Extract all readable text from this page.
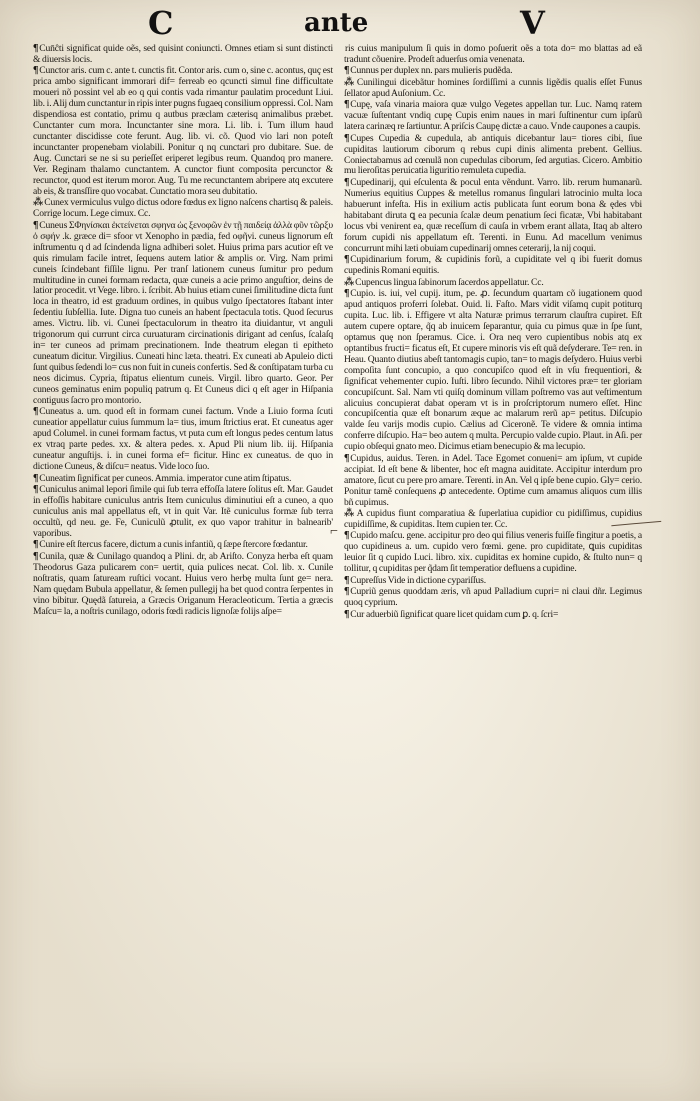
C	ante	V

¶Cun̄ĉti significat quide oẽs, sed quisint coniuncti. Omnes etiam si sunt distincti & diuersis locis.

¶Cunctor aris. cum c. ante t. cunctis fit. Contor aris. cum o, sine c. acontus, quç est prica ambo significant immorari dif= ferreab eo qcuncti simul fine difficultate moueri nõ possint vel ab eo q qui contis vada rimantur paulatim procedunt Liui. lib. i. Alij dum cunctantur in ripis inter pugns fugaeq consilium oppressi. Col. Nam dispendiosa est contatio, primu q autbus præclam cæterisq animalibus præbet. Cunctanter cum mora. Incunctanter sine mora. Li. lib. i. Tum illum haud cunctanter discidisse cote ferunt. Aug. lib. vi. cõ. Quod vio lari non poteſt incunctanter propenebam violabili. Ponitur q nq cunctari pro dubitare. Sue. de Aug. Cunctari se ne si su perieſſet eriperet legibus reum. Quandoq pro manere. Ver. Reginam thalamo cunctantem. A cunctor fiunt composita percunctor & recunctor, quod est iterum moror. Aug. Tu me recunctantem abripere atq excutere ab eis, & transſſire quo vocabat. Cunctatio mora seu dubitatio.

⁂Cunex vermiculus vulgo dictus odore fœdus ex ligno naſcens chartisq & paleis. Corrige locum. Lege cimux. Cc.

¶Cuneus ΣΦηνίσκαι ἐκτείνεται σφηνα ὡς ξενοφῶν ἐν τῇ παιδείᾳ ἀλλὰ φῦν τῶρξυ ὁ σφήν .k. græce di= sfoor vt Xenopho in pædia, fed oφῆνi. cuneus lignorum eſt inſtrumentu q d ad ſcindenda ligna adhiberi solet. Huius prima pars acutior eſt ve quis rimulam facile intret, ſequens autem latior & amplis or. Virg. Nam primi cuneis ſcindebant fiſſile lignu. Per tranſ lationem cuneus ſumitur pro pedum multitudine in cunei formam redacta, quæ cuneis a acie primo anguſtior, deins de latior procedit. vt Vege. libro. i. ſcribit. Ab huius etiam cunei ſimilitudine dicta ſunt loca in theatro, id est graduum ordines, in quibus vulgo ſpectatores ſtabant inter ſedentiu ſubſellia. Iute. Digna tuo cuneis an habent ſpectacula totis. Quod ſecurus ames. Victru. lib. vi. Cunei ſpectaculorum in theatro ita diuidantur, vt anguli trigonorum qui currunt circa curuaturam circinationis dirigant ad cenſus, ſcalaſq in= ter cuneos ad primam precinationem. Inde theatrum elegan ti epitheto cuneatum dicitur. Virgilius. Cuneati hinc læta. theatri. Ex cuneati ab Apuleio dicti ſunt quibus ſedendi lo= cus non fuit in cuneis confertis. Sed & conſtipatam turba cu neos dicimus. Cypria, ſtipatus elientum cuneis. Virgil. libro quarto. Geor. Per cuneos geminatus enim populiq patrum q. Et Cuneus dici q eſt ager in Hiſpania contiguus ſacro pro montorio.

¶Cuneatus a. um. quod eſt in formam cunei factum. Vnde a Liuio forma ſcuti cuneatior appellatur cuius ſummum la= tius, imum ſtrictius erat. Et cuneatus ager apud Columel. in cunei formam factus, vt puta cum eſt longus pedes centum latus ex vtraq parte pedes. xx. & altera pedes. x. Apud Pli nium lib. iij. Hiſpania cuneatur anguſtijs. i. in cunei forma ef= ficitur. Hinc ex cuneatus. de quo in dictione Cuneus, & diſcu= neatus. Vide loco ſuo.

¶Cuneatim ſignificat per cuneos. Ammia. imperator cune atim ſtipatus.

¶Cuniculus animal lepori ſimile qui ſub terra effoſſa latere ſolitus eſt. Mar. Gaudet in effoſſis habitare cuniculus antris Item cuniculus diminutiui eſt a cuneo, a quo cuniculus anis mal appellatus eſt, vt in quit Var. Itẽ cuniculus formæ ſub terra occultũ, qd neu. ge. Fe, Cuniculũ ꝓtulit, ex quo vapor trahitur in balnearib' vaporibus.

¶Cunire eſt ſtercus facere, dictum a cunis infantiũ, q ſæpe ſtercore fœdantur.

¶Cunila, quæ & Cunilago quandoq a Plini. dr, ab Ariſto. Conyza herba eſt quam Theodorus Gaza pulicarem con= uertit, quia pulices necat. Col. lib. x. Cunile noſtratis, quam ſatuream ruſtici vocant. Huius vero herbę multa ſunt ge= nera. Nam quędam Bubula appellatur, & ſemen pullegij ha bet quod contra ſerpentes in vino bibitur. Quędã ſatureia, a Græcis Origanum Heracleoticum. Tertia a græcis Maſcu= la, a noſtris cunilago, odoris fœdi radicis lignoſæ folijs aſpe=

ris cuius manipulum ſi quis in domo poſuerit oẽs a tota do= mo blattas ad eã tradunt cõuenire. Prodeſt aduerſus omia venenata.

¶Cunnus per duplex nn. pars mulieris pudẽda.

⁂Cunilingui dicebãtur homines ſordiſſimi a cunnis ligẽdis qualis eſſet Funus ſellator apud Auſonium. Cc.

¶Cupę, vaſa vinaria maiora quæ vulgo Vegetes appellan tur. Luc. Namq ratem vacuæ ſuſtentant vndiq cupę Cupis enim naues in mari ſuſtinentur cum ipſarũ latera carinæq re ſartiuntur. A priſcis Caupę dictæ a cauo. Vnde caupones a caupis.

¶Cupes Cupedia & cupedula, ab antiquis dicebantur lau= tiores cibi, ſiue cupiditas lautiorum ciborum q rebus cupi dinis alimenta prebent. Gellius. Coniectabamus ad cœnulã non cupedulas ciborum, ſed argutias. Cicero. Ambitio mu lieroſitas peruicatia liguritio remuleta cupedia.

¶Cupedinarij, qui eſculenta & pocul enta vẽndunt. Varro. lib. rerum humanarũ. Numerius equitius Cuppes & metellus romanus ſingulari latrocinio multa loca habuerunt infeſta. His in exilium actis publicata ſunt eorum bona & ędes vbi habitabant diruta ꝗ ea pecunia ſcalæ deum penatium ſeci ficatæ, Vbi habitabant locus vbi venirent ea, quæ receſſum di cauſa in vrbem erant allata, Itaq ab altero forum cupidi nis appellatum eſt. Terenti. in Eunu. Ad macellum venimus concurrunt mihi læti obuiam cupedinarij omnes ceterarij, la nij coqui.

¶Cupidinarium forum, & cupidinis forũ, a cupiditate vel q ibi fuerit domus cupedinis Romani equitis.

⁂Cupencus lingua ſabinorum ſacerdos appellatur. Cc.

¶Cupio. is. iui, vel cupij. itum, pe. ꝓ. ſecundum quartam cõ iugationem quod apud antiquos proferri ſolebat. Ouid. li. Faſto. Mars vidit viſamq cupit potiturq cupita. Luc. lib. i. Effigere vt alta Naturæ primus terrarum clauſtra cupiret. Eſt autem cupere optare, q̃q ab inuicem ſeparantur, quia cu pimus quæ in ſpe ſunt, optamus quę non ſperamus. Cice. i. Ora neq vero cupientibus nobis atq ex optantibus fructi= ficatus eſt, Et cupere minoris vis eſt quã deſyderare. Te= ren. in Heau. Quanto diutius abeſt tantomagis cupio, tan= to magis deſydero. Huius verbi compoſita ſunt concupio, a quo concupiſco quod eſt in vſu frequentiori, & ſignificat vehementer cupio. Iuſti. libro ſecundo. Nihil victores præ= ter gloriam concupiſcunt. Sal. Nam vti quiſq dominum villam poſtremo vas aut veſtimentum alicuius concupierat dabat operam vt is in proſcriptorum numero eſſet. Hinc concupiſcentia quæ eſt bonarum æque ac malarum rerũ ap= petitus. Diſcupio valde ſeu varijs modis cupio. Cælius ad Ciceronẽ. Te videre & omnia intima conferre diſcupio. Ha= beo autem q multa. Percupio valde cupio. Plaut. in Aſi. per cupio obſequi gnato meo. Dicimus etiam benecupio & ma lecupio.

¶Cupidus, auidus. Teren. in Adel. Tace Egomet conueni= am ipſum, vt cupide accipiat. Id eſt bene & libenter, hoc eſt magna auiditate. Accipitur interdum pro amatore, ſicut cu pere pro amare. Terenti. in An. Vel q ipſe bene cupio. Gly= cerio. Ponitur tamẽ conſequens ꝓ antecedente. Optime cum amamus aliquos cum illis bñ cupimus.

⁂A cupidus fiunt comparatiua & ſuperlatiua cupidior cu pidiſſimus, cupidius cupidiſſime, & cupiditas. Item cupien ter. Cc.

¶Cupido maſcu. gene. accipitur pro deo qui filius veneris fuiſſe fingitur a poetis, a quo cupidineus a. um. cupido vero fœmi. gene. pro cupiditate, ꝗuis cupiditas leuior ſit q cupido Luci. libro. xix. cupiditas ex homine cupido, & ſtulto nun= q tollitur, q cupiditas per q̃dam ſit temperatior defluens a cupidine.

¶Cupreſſus Vide in dictione cypariſſus.

¶Cupriũ genus quoddam æris, vñ apud Palladium cupri= ni claui dñr. Legimus quoq cyprium.

¶Cur aduerbiũ ſignificat quare licet quidam cum ꝑ. q. ſcri=

⌐
